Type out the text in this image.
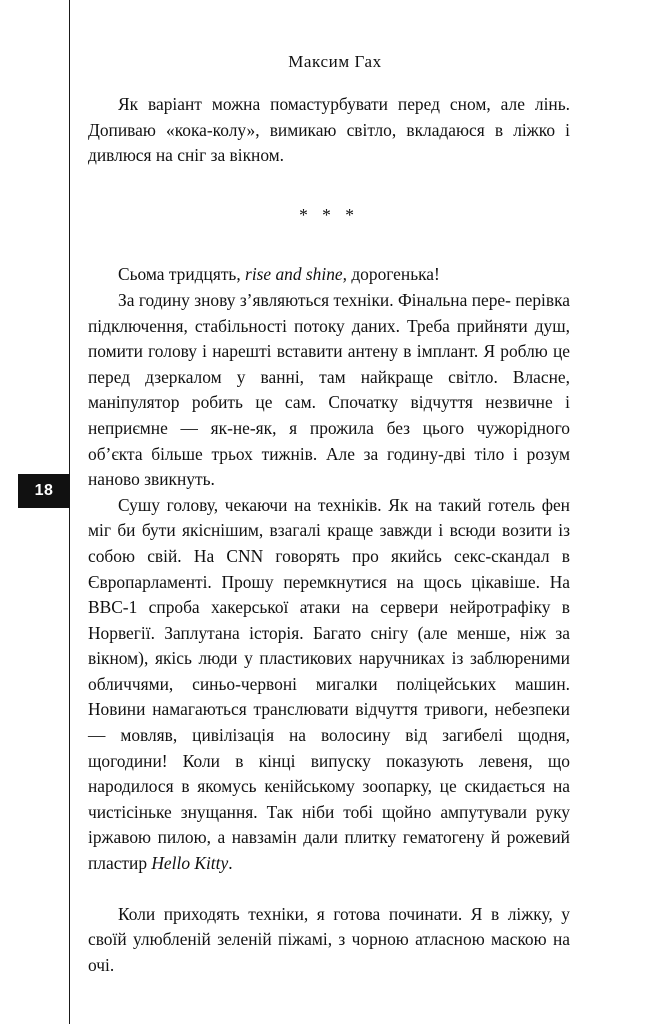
18
Максим Гах

Як варіант можна помастурбувати перед сном, але лінь. Допиваю «кока-колу», вимикаю світло, вкладаюся в ліжко і дивлюся на сніг за вікном.

* * *

Сьома тридцять, rise and shine, дорогенька!

За годину знову з’являються техніки. Фінальна пере- перівка підключення, стабільності потоку даних. Треба прийняти душ, помити голову і нарешті вставити антену в імплант. Я роблю це перед дзеркалом у ванні, там найкраще світло. Власне, маніпулятор робить це сам. Спочатку відчуття незвичне і неприємне — як-не-як, я прожила без цього чужорідного об’єкта більше трьох тижнів. Але за годину-дві тіло і розум наново звикнуть.

Сушу голову, чекаючи на техніків. Як на такий готель фен міг би бути якіснішим, взагалі краще завжди і всюди возити із собою свій. На CNN говорять про якийсь секс-скандал в Європарламенті. Прошу перемкнутися на щось цікавіше. На BBC-1 спроба хакерської атаки на сервери нейротрафіку в Норвегії. Заплутана історія. Багато снігу (але менше, ніж за вікном), якісь люди у пластикових наручниках із заблюреними обличчями, синьо-червоні мигалки поліцейських машин. Новини намагаються транслювати відчуття тривоги, небезпеки — мовляв, цивілізація на волосину від загибелі щодня, щогодини! Коли в кінці випуску показують левеня, що народилося в якомусь кенійському зоопарку, це скидається на чистісіньке знущання. Так ніби тобі щойно ампутували руку іржавою пилою, а навзамін дали плитку гематогену й рожевий пластир Hello Kitty.

Коли приходять техніки, я готова починати. Я в ліжку, у своїй улюбленій зеленій піжамі, з чорною атласною маскою на очі.
